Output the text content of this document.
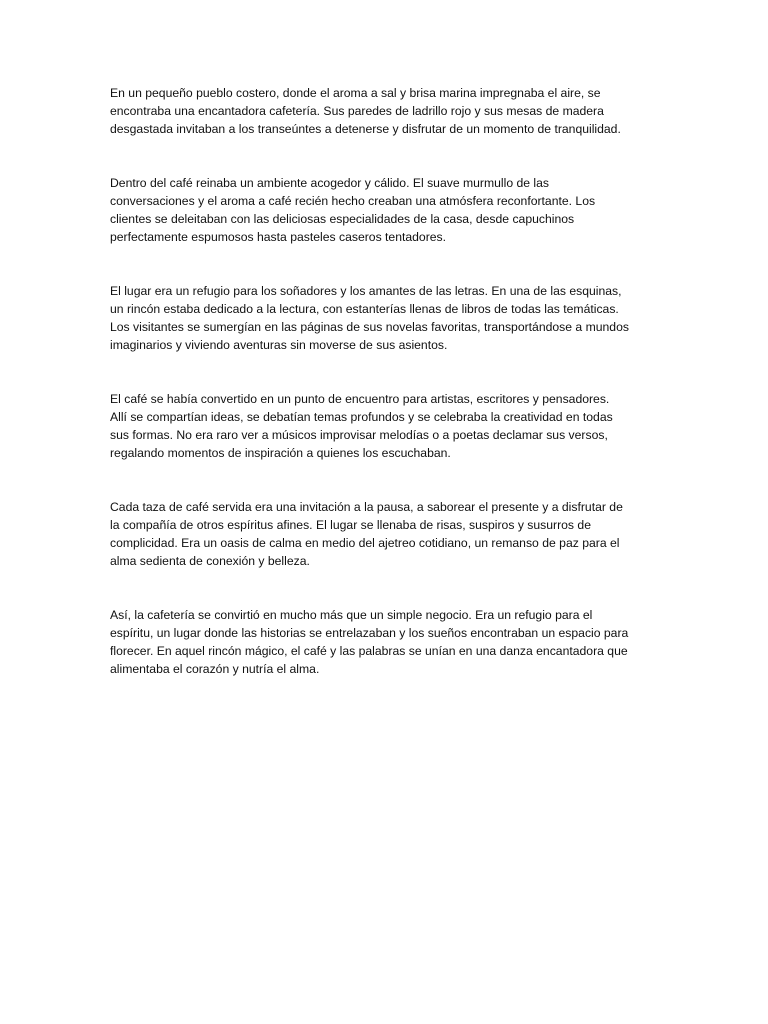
En un pequeño pueblo costero, donde el aroma a sal y brisa marina impregnaba el aire, se
encontraba una encantadora cafetería. Sus paredes de ladrillo rojo y sus mesas de madera
desgastada invitaban a los transeúntes a detenerse y disfrutar de un momento de tranquilidad.

Dentro del café reinaba un ambiente acogedor y cálido. El suave murmullo de las
conversaciones y el aroma a café recién hecho creaban una atmósfera reconfortante. Los
clientes se deleitaban con las deliciosas especialidades de la casa, desde capuchinos
perfectamente espumosos hasta pasteles caseros tentadores.

El lugar era un refugio para los soñadores y los amantes de las letras. En una de las esquinas,
un rincón estaba dedicado a la lectura, con estanterías llenas de libros de todas las temáticas.
Los visitantes se sumergían en las páginas de sus novelas favoritas, transportándose a mundos
imaginarios y viviendo aventuras sin moverse de sus asientos.

El café se había convertido en un punto de encuentro para artistas, escritores y pensadores.
Allí se compartían ideas, se debatían temas profundos y se celebraba la creatividad en todas
sus formas. No era raro ver a músicos improvisar melodías o a poetas declamar sus versos,
regalando momentos de inspiración a quienes los escuchaban.

Cada taza de café servida era una invitación a la pausa, a saborear el presente y a disfrutar de
la compañía de otros espíritus afines. El lugar se llenaba de risas, suspiros y susurros de
complicidad. Era un oasis de calma en medio del ajetreo cotidiano, un remanso de paz para el
alma sedienta de conexión y belleza.

Así, la cafetería se convirtió en mucho más que un simple negocio. Era un refugio para el
espíritu, un lugar donde las historias se entrelazaban y los sueños encontraban un espacio para
florecer. En aquel rincón mágico, el café y las palabras se unían en una danza encantadora que
alimentaba el corazón y nutría el alma.
